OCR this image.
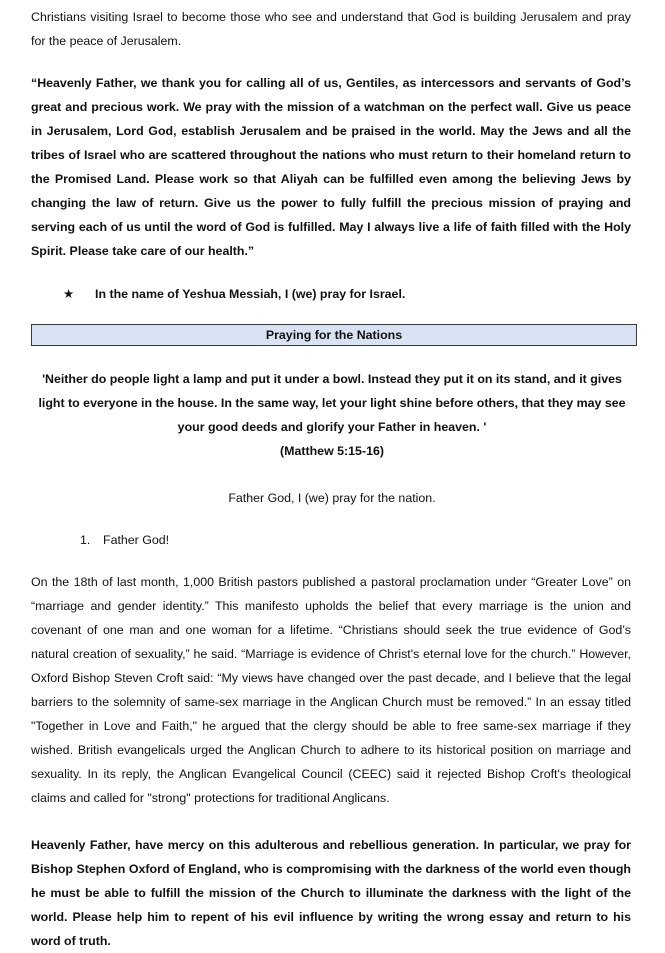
Christians visiting Israel to become those who see and understand that God is building Jerusalem and pray for the peace of Jerusalem.

“Heavenly Father, we thank you for calling all of us, Gentiles, as intercessors and servants of God’s great and precious work. We pray with the mission of a watchman on the perfect wall. Give us peace in Jerusalem, Lord God, establish Jerusalem and be praised in the world. May the Jews and all the tribes of Israel who are scattered throughout the nations who must return to their homeland return to the Promised Land. Please work so that Aliyah can be fulfilled even among the believing Jews by changing the law of return. Give us the power to fully fulfill the precious mission of praying and serving each of us until the word of God is fulfilled. May I always live a life of faith filled with the Holy Spirit. Please take care of our health.”

★ In the name of Yeshua Messiah, I (we) pray for Israel.
Praying for the Nations

'Neither do people light a lamp and put it under a bowl. Instead they put it on its stand, and it gives light to everyone in the house. In the same way, let your light shine before others, that they may see your good deeds and glorify your Father in heaven. '

(Matthew 5:15-16)
Father God, I (we) pray for the nation.
1. Father God!

On the 18th of last month, 1,000 British pastors published a pastoral proclamation under “Greater Love” on “marriage and gender identity.” This manifesto upholds the belief that every marriage is the union and covenant of one man and one woman for a lifetime. “Christians should seek the true evidence of God’s natural creation of sexuality,” he said. “Marriage is evidence of Christ's eternal love for the church.” However, Oxford Bishop Steven Croft said: “My views have changed over the past decade, and I believe that the legal barriers to the solemnity of same-sex marriage in the Anglican Church must be removed.” In an essay titled "Together in Love and Faith," he argued that the clergy should be able to free same-sex marriage if they wished. British evangelicals urged the Anglican Church to adhere to its historical position on marriage and sexuality. In its reply, the Anglican Evangelical Council (CEEC) said it rejected Bishop Croft's theological claims and called for "strong" protections for traditional Anglicans.

Heavenly Father, have mercy on this adulterous and rebellious generation. In particular, we pray for Bishop Stephen Oxford of England, who is compromising with the darkness of the world even though he must be able to fulfill the mission of the Church to illuminate the darkness with the light of the world. Please help him to repent of his evil influence by writing the wrong essay and return to his word of truth.
